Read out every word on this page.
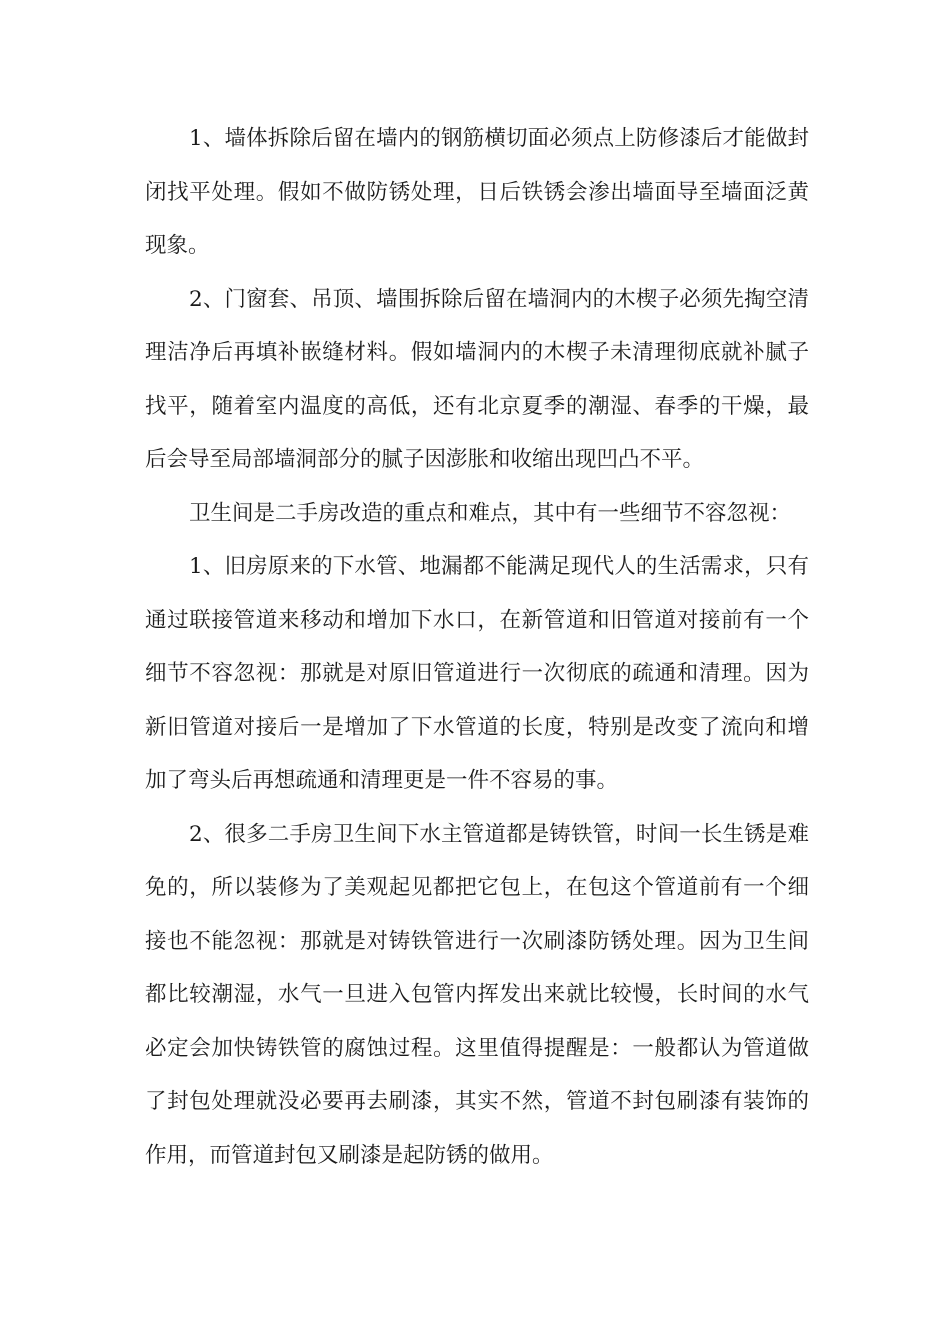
1、墙体拆除后留在墙内的钢筋横切面必须点上防修漆后才能做封闭找平处理。假如不做防锈处理，日后铁锈会渗出墙面导至墙面泛黄现象。

2、门窗套、吊顶、墙围拆除后留在墙洞内的木楔子必须先掏空清理洁净后再填补嵌缝材料。假如墙洞内的木楔子未清理彻底就补腻子找平，随着室内温度的高低，还有北京夏季的潮湿、春季的干燥，最后会导至局部墙洞部分的腻子因澎胀和收缩出现凹凸不平。

卫生间是二手房改造的重点和难点，其中有一些细节不容忽视：

1、旧房原来的下水管、地漏都不能满足现代人的生活需求，只有通过联接管道来移动和增加下水口，在新管道和旧管道对接前有一个细节不容忽视：那就是对原旧管道进行一次彻底的疏通和清理。因为新旧管道对接后一是增加了下水管道的长度，特别是改变了流向和增加了弯头后再想疏通和清理更是一件不容易的事。

2、很多二手房卫生间下水主管道都是铸铁管，时间一长生锈是难免的，所以装修为了美观起见都把它包上，在包这个管道前有一个细接也不能忽视：那就是对铸铁管进行一次刷漆防锈处理。因为卫生间都比较潮湿，水气一旦进入包管内挥发出来就比较慢，长时间的水气必定会加快铸铁管的腐蚀过程。这里值得提醒是：一般都认为管道做了封包处理就没必要再去刷漆，其实不然，管道不封包刷漆有装饰的作用，而管道封包又刷漆是起防锈的做用。
